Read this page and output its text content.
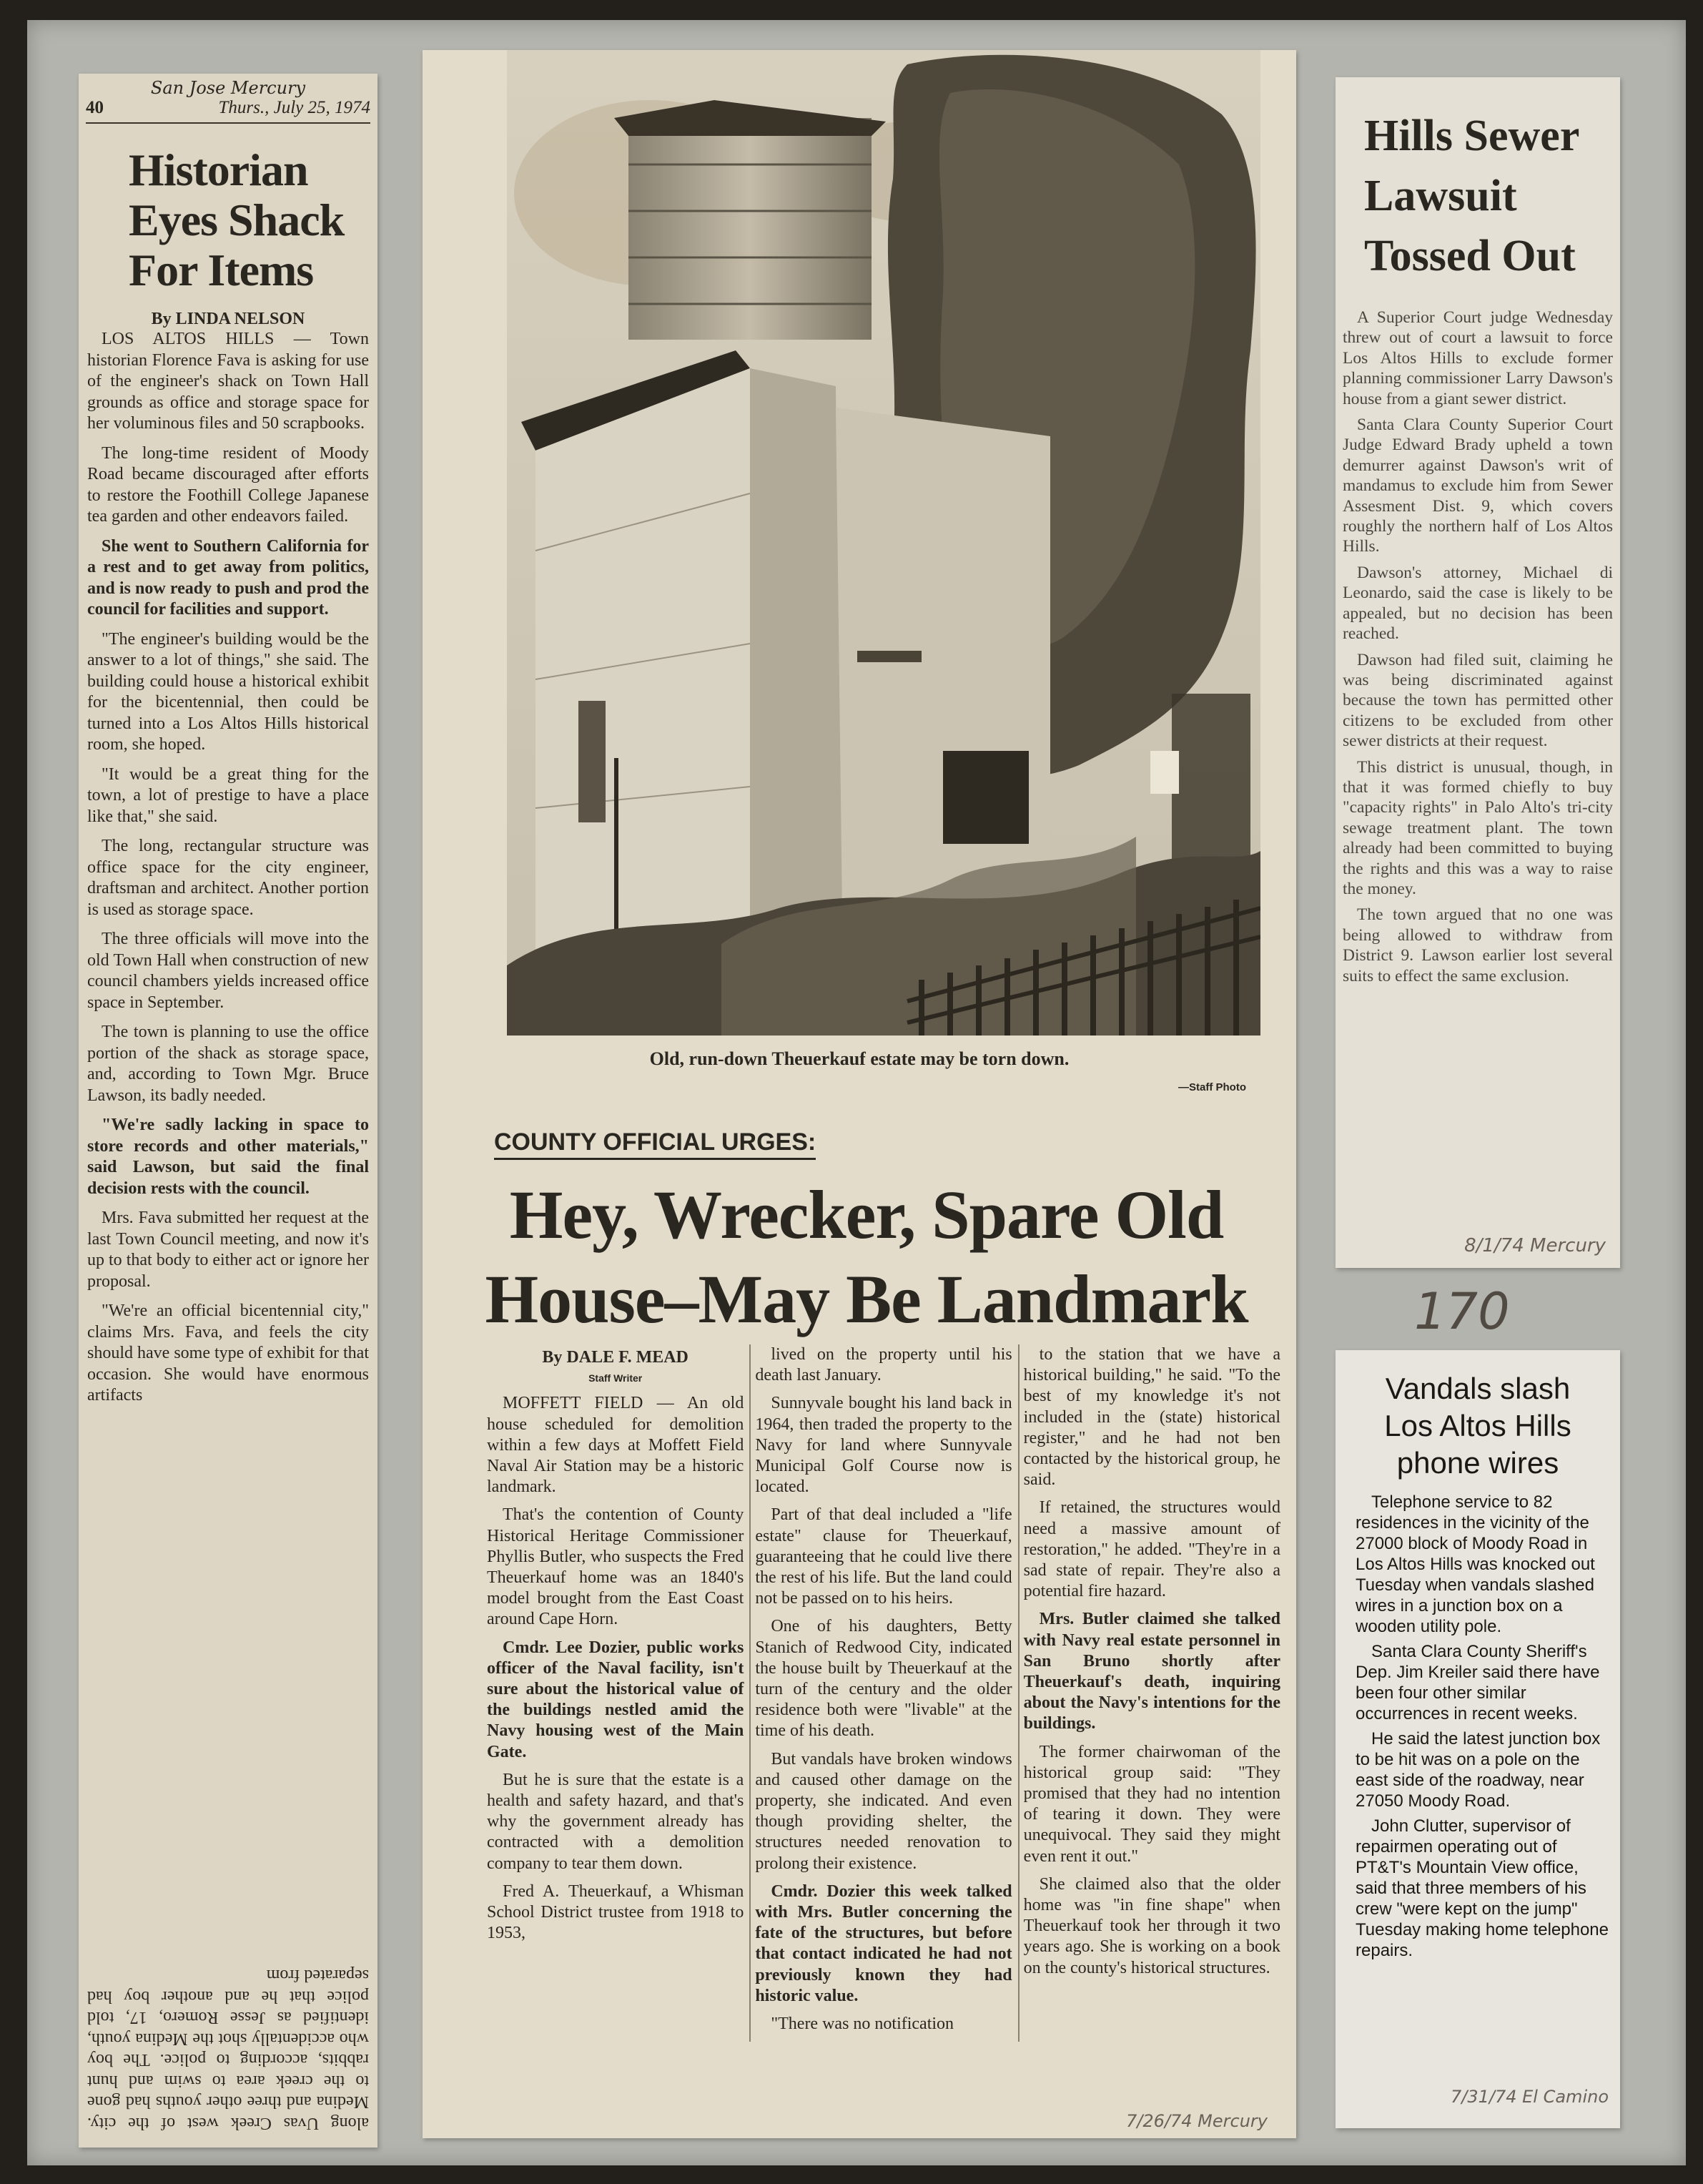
San Jose Mercury
40	Thurs., July 25, 1974
Historian
Eyes Shack
For Items
By LINDA NELSON

LOS ALTOS HILLS — Town historian Florence Fava is asking for use of the engineer's shack on Town Hall grounds as office and storage space for her voluminous files and 50 scrapbooks.

The long-time resident of Moody Road became discouraged after efforts to restore the Foothill College Japanese tea garden and other endeavors failed.

She went to Southern California for a rest and to get away from politics, and is now ready to push and prod the council for facilities and support.

"The engineer's building would be the answer to a lot of things," she said. The building could house a historical exhibit for the bicentennial, then could be turned into a Los Altos Hills historical room, she hoped.

"It would be a great thing for the town, a lot of prestige to have a place like that," she said.

The long, rectangular structure was office space for the city engineer, draftsman and architect. Another portion is used as storage space.

The three officials will move into the old Town Hall when construction of new council chambers yields increased office space in September.

The town is planning to use the office portion of the shack as storage space, and, according to Town Mgr. Bruce Lawson, its badly needed.

"We're sadly lacking in space to store records and other materials," said Lawson, but said the final decision rests with the council.

Mrs. Fava submitted her request at the last Town Council meeting, and now it's up to that body to either act or ignore her proposal.

"We're an official bicentennial city," claims Mrs. Fava, and feels the city should have some type of exhibit for that occasion. She would have enormous artifacts

along Uvas Creek west of the city. Medina and three other youths had gone to the creek area to swim and hunt rabbits, according to police. The boy who accidentally shot the Medina youth, identified as Jesse Romero, 17, told police that he and another boy had separated from

Old, run-down Theuerkauf estate may be torn down.
—Staff Photo
COUNTY OFFICIAL URGES:
Hey, Wrecker, Spare Old
House–May Be Landmark

By DALE F. MEAD

Staff Writer

MOFFETT FIELD — An old house scheduled for demolition within a few days at Moffett Field Naval Air Station may be a historic landmark.

That's the contention of County Historical Heritage Commissioner Phyllis Butler, who suspects the Fred Theuerkauf home was an 1840's model brought from the East Coast around Cape Horn.

Cmdr. Lee Dozier, public works officer of the Naval facility, isn't sure about the historical value of the buildings nestled amid the Navy housing west of the Main Gate.

But he is sure that the estate is a health and safety hazard, and that's why the government already has contracted with a demolition company to tear them down.

Fred A. Theuerkauf, a Whisman School District trustee from 1918 to 1953,

lived on the property until his death last January.

Sunnyvale bought his land back in 1964, then traded the property to the Navy for land where Sunnyvale Municipal Golf Course now is located.

Part of that deal included a "life estate" clause for Theuerkauf, guaranteeing that he could live there the rest of his life. But the land could not be passed on to his heirs.

One of his daughters, Betty Stanich of Redwood City, indicated the house built by Theuerkauf at the turn of the century and the older residence both were "livable" at the time of his death.

But vandals have broken windows and caused other damage on the property, she indicated. And even though providing shelter, the structures needed renovation to prolong their existence.

Cmdr. Dozier this week talked with Mrs. Butler concerning the fate of the structures, but before that contact indicated he had not previously known they had historic value.

"There was no notification

to the station that we have a historical building," he said. "To the best of my knowledge it's not included in the (state) historical register," and he had not ben contacted by the historical group, he said.

If retained, the structures would need a massive amount of restoration," he added. "They're in a sad state of repair. They're also a potential fire hazard.

Mrs. Butler claimed she talked with Navy real estate personnel in San Bruno shortly after Theuerkauf's death, inquiring about the Navy's intentions for the buildings.

The former chairwoman of the historical group said: "They promised that they had no intention of tearing it down. They were unequivocal. They said they might even rent it out."

She claimed also that the older home was "in fine shape" when Theuerkauf took her through it two years ago. She is working on a book on the county's historical structures.

7/26/74 Mercury
Hills Sewer
Lawsuit
Tossed Out

A Superior Court judge Wednesday threw out of court a lawsuit to force Los Altos Hills to exclude former planning commissioner Larry Dawson's house from a giant sewer district.

Santa Clara County Superior Court Judge Edward Brady upheld a town demurrer against Dawson's writ of mandamus to exclude him from Sewer Assesment Dist. 9, which covers roughly the northern half of Los Altos Hills.

Dawson's attorney, Michael di Leonardo, said the case is likely to be appealed, but no decision has been reached.

Dawson had filed suit, claiming he was being discriminated against because the town has permitted other citizens to be excluded from other sewer districts at their request.

This district is unusual, though, in that it was formed chiefly to buy "capacity rights" in Palo Alto's tri-city sewage treatment plant. The town already had been committed to buying the rights and this was a way to raise the money.

The town argued that no one was being allowed to withdraw from District 9. Lawson earlier lost several suits to effect the same exclusion.

8/1/74 Mercury
170
Vandals slash
Los Altos Hills
phone wires

Telephone service to 82 residences in the vicinity of the 27000 block of Moody Road in Los Altos Hills was knocked out Tuesday when vandals slashed wires in a junction box on a wooden utility pole.

Santa Clara County Sheriff's Dep. Jim Kreiler said there have been four other similar occurrences in recent weeks.

He said the latest junction box to be hit was on a pole on the east side of the roadway, near 27050 Moody Road.

John Clutter, supervisor of repairmen operating out of PT&T's Mountain View office, said that three members of his crew "were kept on the jump" Tuesday making home telephone repairs.

7/31/74 El Camino
